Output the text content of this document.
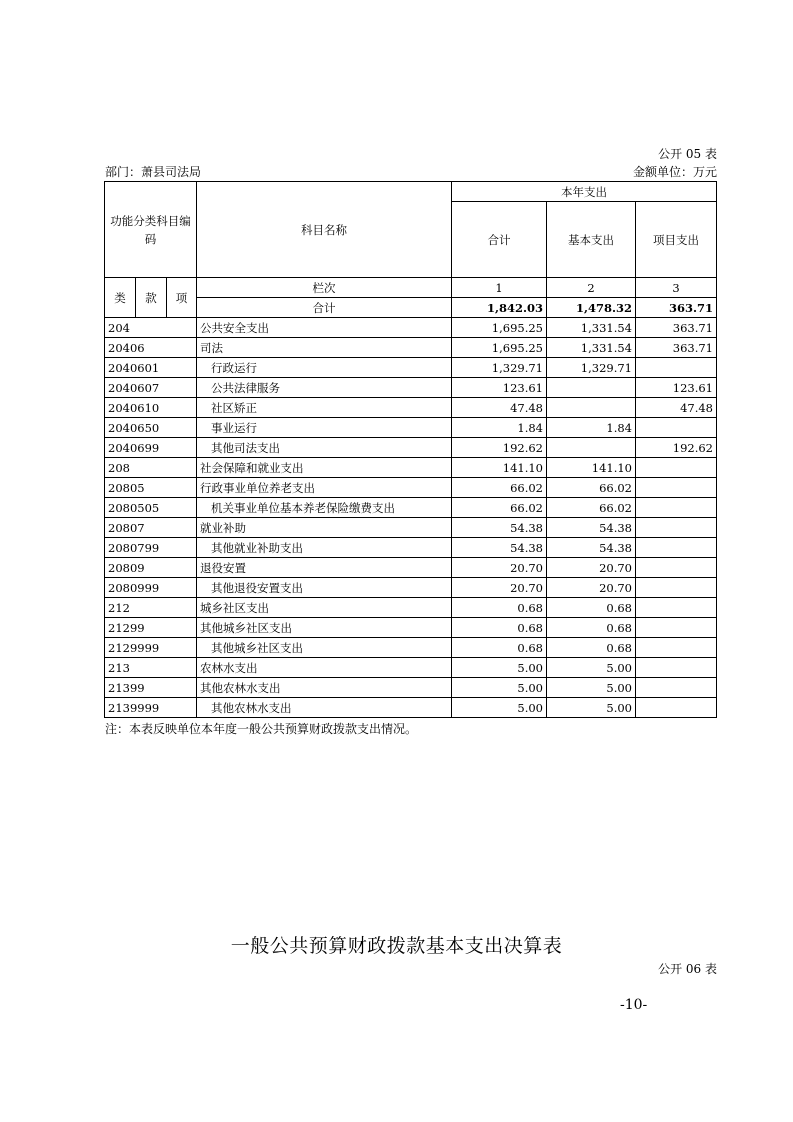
公开 05 表
部门：萧县司法局	金额单位：万元
功能分类科目编码			科目名称	本年支出		
				合计	基本支出	项目支出

类	款	项	栏次	1	2	3
			合计	1,842.03	1,478.32	363.71
204			公共安全支出	1,695.25	1,331.54	363.71
20406			司法	1,695.25	1,331.54	363.71
2040601			行政运行	1,329.71	1,329.71	
2040607			公共法律服务	123.61		123.61
2040610			社区矫正	47.48		47.48
2040650			事业运行	1.84	1.84	
2040699			其他司法支出	192.62		192.62
208			社会保障和就业支出	141.10	141.10	
20805			行政事业单位养老支出	66.02	66.02	
2080505			机关事业单位基本养老保险缴费支出	66.02	66.02	
20807			就业补助	54.38	54.38	
2080799			其他就业补助支出	54.38	54.38	
20809			退役安置	20.70	20.70	
2080999			其他退役安置支出	20.70	20.70	
212			城乡社区支出	0.68	0.68	
21299			其他城乡社区支出	0.68	0.68	
2129999			其他城乡社区支出	0.68	0.68	
213			农林水支出	5.00	5.00	
21399			其他农林水支出	5.00	5.00	
2139999			其他农林水支出	5.00	5.00	
注：本表反映单位本年度一般公共预算财政拨款支出情况。
一般公共预算财政拨款基本支出决算表
公开 06 表
-10-
